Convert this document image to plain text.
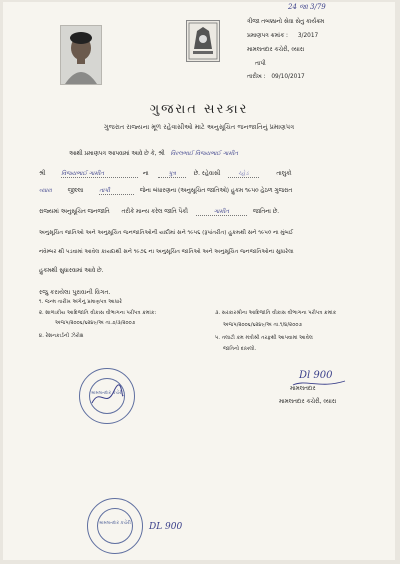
24 જા 3/79
ત્રીજા તબક્કાનો સેવા સેતુ કાર્યક્રમ
પ્રમાણપત્ર ક્રમાંક : 3/2017
મામલતદાર કચેરી, વ્યારા
તાપી
તારીખ : 09/10/2017
ગુજરાત સરકાર
ગુજરાત રાજ્યના મૂળ રહેવાસીઓ માટે અનુસૂચિત જનજાતિનું પ્રમાણપત્ર
આથી પ્રમાણપત્ર આપવામાં આવે છે કે, શ્રી વિરલભાઈ વિજયભાઈ ગામીત
શ્રી	વિજયભાઈ ગામીત	ના	પુત્ર	છે. રહેવાસી	ચ્હેડ	તાલુકો
વ્યારા	જીલ્લા	તાપી	જેના બંધારણના (અનુસૂચિત જાતિઓ) હુકમ ૧૯૫૦ હેઠળ ગુજરાત
રાજ્યમાં અનુસૂચિત જનજાતિ તરીકે માન્ય કરેલ જાતિ પૈકી	ગામીત	જાતિના છે.
અનુસૂચિત જાતિઓ અને અનુસૂચિત જનજાતિઓની યાદીમાં સને ૧૯૫૬ (રૂપાંતરીત) હુકમથી સને ૧૯૫૦ ના મુંબઈ
નવેમ્બર થી પડવામાં આવેલ કાયદાથી સને ૧૯૭૬ ના અનુસૂચિત જાતિઓ અને અનુસૂચિત જનજાતિઓના સુધારેલા
હુકમથી સુધારવામાં આવે છે.
રજુ કરાયેલા પુરાવાની વિગત.
૧. જન્મ તારીખ અંગેનું પ્રમાણપત્ર આધારે
૨. શાળાકીય આદિજાતિ વીકાસ વીભાગના પરીપત્ર ક્રમાંક:
અજપ/૨૦૦૬/૬૨૪૯/અ તા.૭/૩/૨૦૦૭
૩. સરકારશ્રીના આદિજાતિ વીકાસ વીભાગના પરીપત્ર ક્રમાંક
અજપ/૨૦૦૬/૬૨૪૯/અ તા.૧/૪/૨૦૦૭
૪. રેશનકાર્ડની ઝેરોક્ષ	૫. તલાટી કમ મંત્રીશ્રી તરફથી આપવામાં આવેલ
જાતિનો દાખલો.
મામલતદાર કચેરી
Dl 900
મામલતદાર
મામલતદાર કચેરી, વ્યારા
મામલતદાર કચેરી	DL 900
